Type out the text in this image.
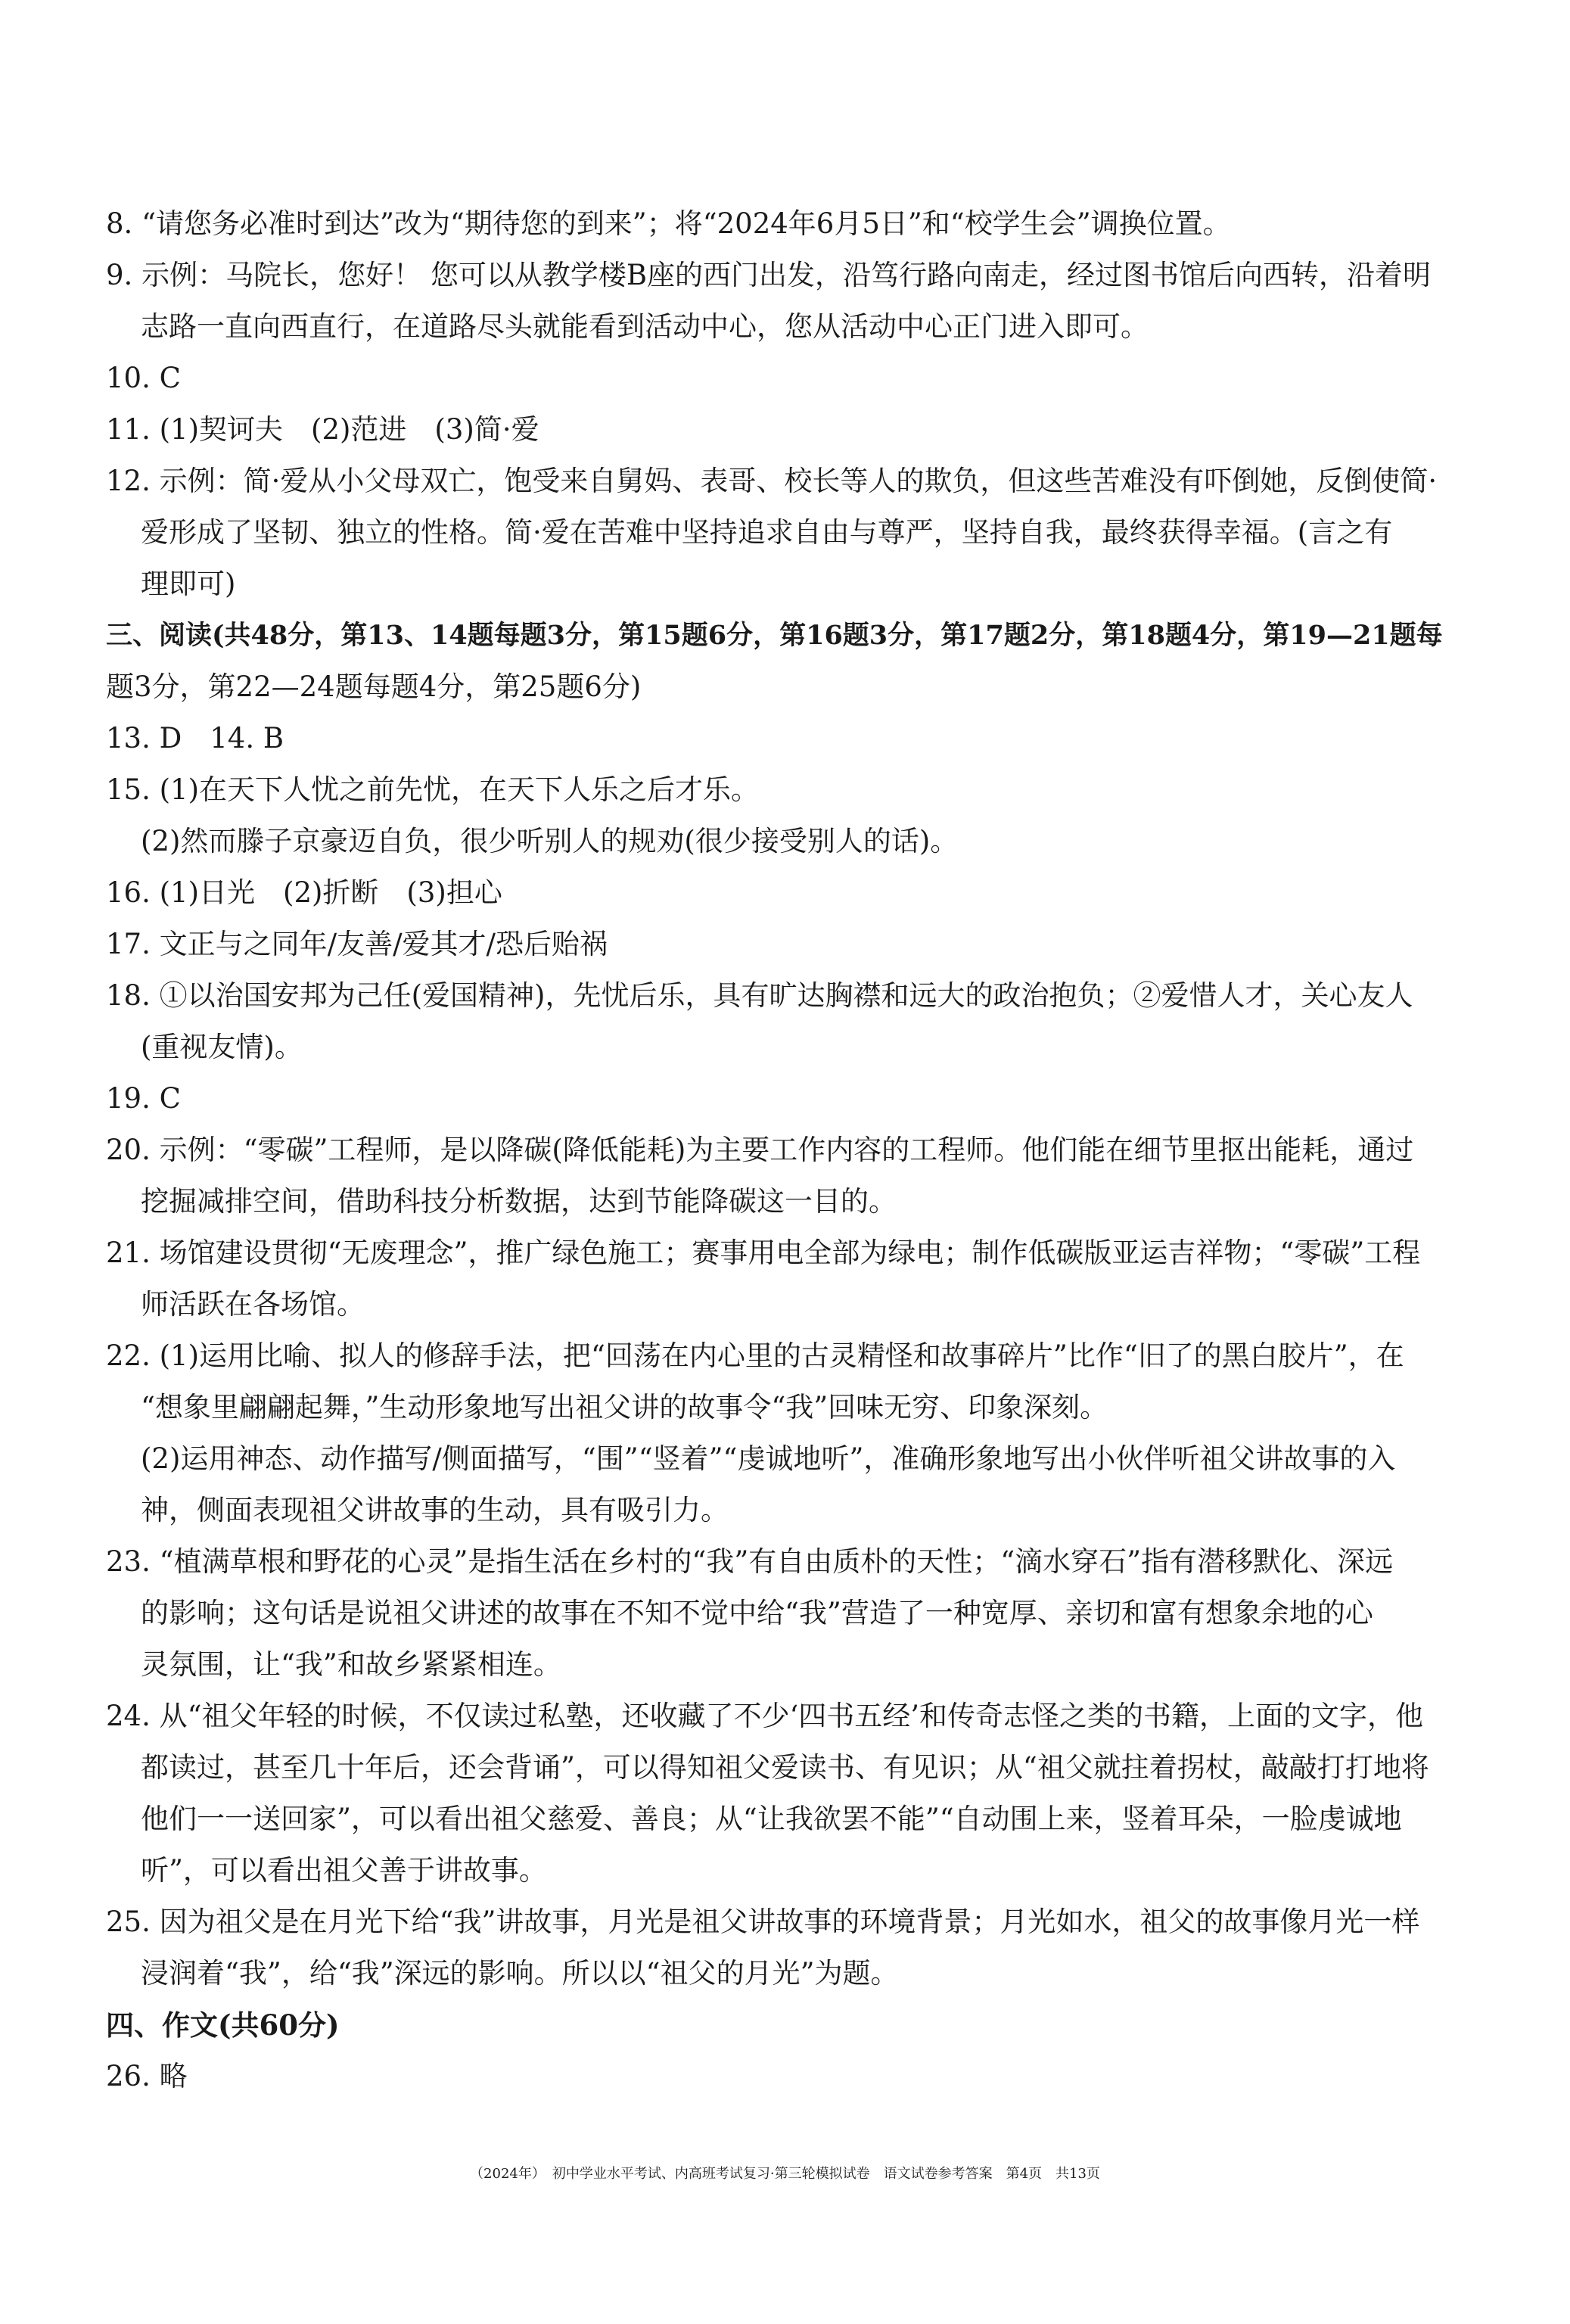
8. “请您务必准时到达”改为“期待您的到来”；将“2024年6月5日”和“校学生会”调换位置。
9. 示例：马院长，您好！ 您可以从教学楼B座的西门出发，沿笃行路向南走，经过图书馆后向西转，沿着明
志路一直向西直行，在道路尽头就能看到活动中心，您从活动中心正门进入即可。
10. C
11. (1)契诃夫　(2)范进　(3)简·爱
12. 示例：简·爱从小父母双亡，饱受来自舅妈、表哥、校长等人的欺负，但这些苦难没有吓倒她，反倒使简·
爱形成了坚韧、独立的性格。简·爱在苦难中坚持追求自由与尊严，坚持自我，最终获得幸福。(言之有
理即可)
三、阅读(共48分，第13、14题每题3分，第15题6分，第16题3分，第17题2分，第18题4分，第19—21题每
题3分，第22—24题每题4分，第25题6分)
13. D　14. B
15. (1)在天下人忧之前先忧，在天下人乐之后才乐。
(2)然而滕子京豪迈自负，很少听别人的规劝(很少接受别人的话)。
16. (1)日光　(2)折断　(3)担心
17. 文正与之同年/友善/爱其才/恐后贻祸
18. ①以治国安邦为己任(爱国精神)，先忧后乐，具有旷达胸襟和远大的政治抱负；②爱惜人才，关心友人
(重视友情)。
19. C
20. 示例：“零碳”工程师，是以降碳(降低能耗)为主要工作内容的工程师。他们能在细节里抠出能耗，通过
挖掘减排空间，借助科技分析数据，达到节能降碳这一目的。
21. 场馆建设贯彻“无废理念”，推广绿色施工；赛事用电全部为绿电；制作低碳版亚运吉祥物；“零碳”工程
师活跃在各场馆。
22. (1)运用比喻、拟人的修辞手法，把“回荡在内心里的古灵精怪和故事碎片”比作“旧了的黑白胶片”，在
“想象里翩翩起舞，”生动形象地写出祖父讲的故事令“我”回味无穷、印象深刻。
(2)运用神态、动作描写/侧面描写，“围”“竖着”“虔诚地听”，准确形象地写出小伙伴听祖父讲故事的入
神，侧面表现祖父讲故事的生动，具有吸引力。
23. “植满草根和野花的心灵”是指生活在乡村的“我”有自由质朴的天性；“滴水穿石”指有潜移默化、深远
的影响；这句话是说祖父讲述的故事在不知不觉中给“我”营造了一种宽厚、亲切和富有想象余地的心
灵氛围，让“我”和故乡紧紧相连。
24. 从“祖父年轻的时候，不仅读过私塾，还收藏了不少‘四书五经’和传奇志怪之类的书籍，上面的文字，他
都读过，甚至几十年后，还会背诵”，可以得知祖父爱读书、有见识；从“祖父就拄着拐杖，敲敲打打地将
他们一一送回家”，可以看出祖父慈爱、善良；从“让我欲罢不能”“自动围上来，竖着耳朵，一脸虔诚地
听”，可以看出祖父善于讲故事。
25. 因为祖父是在月光下给“我”讲故事，月光是祖父讲故事的环境背景；月光如水，祖父的故事像月光一样
浸润着“我”，给“我”深远的影响。所以以“祖父的月光”为题。
四、作文(共60分)
26. 略
（2024年）　初中学业水平考试、内高班考试复习·第三轮模拟试卷　语文试卷参考答案　第4页　共13页
